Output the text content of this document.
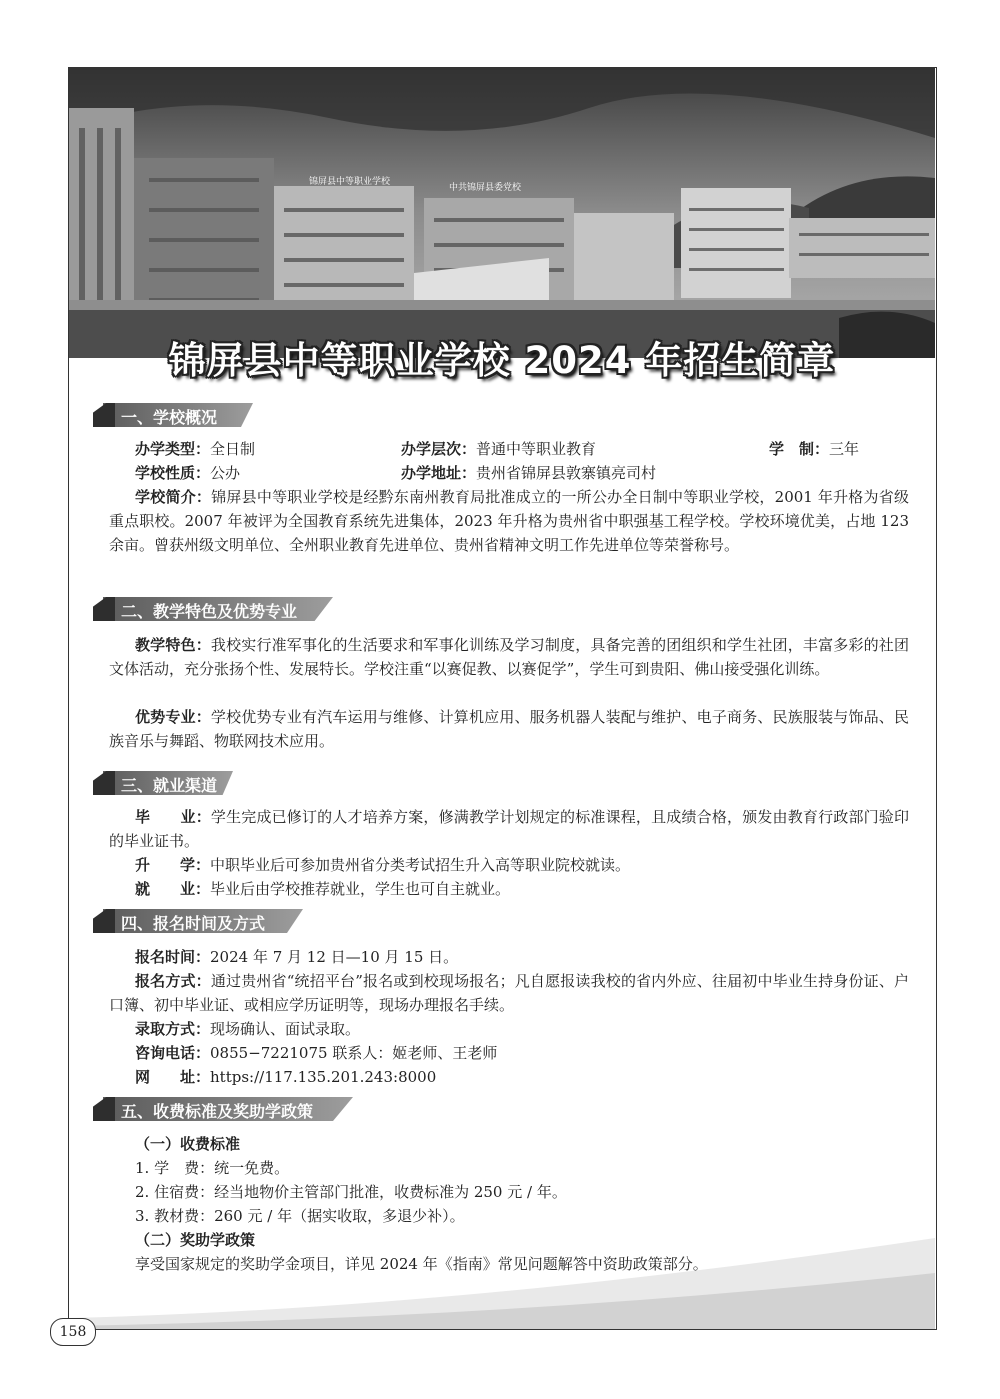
锦屏县中等职业学校
中共锦屏县委党校
锦屏县中等职业学校 2024 年招生简章
一、学校概况
办学类型：全日制	办学层次：普通中等职业教育	学　制：三年
学校性质：公办	办学地址：贵州省锦屏县敦寨镇亮司村
学校简介：锦屏县中等职业学校是经黔东南州教育局批准成立的一所公办全日制中等职业学校，2001 年升格为省级重点职校。2007 年被评为全国教育系统先进集体，2023 年升格为贵州省中职强基工程学校。学校环境优美，占地 123 余亩。曾获州级文明单位、全州职业教育先进单位、贵州省精神文明工作先进单位等荣誉称号。
二、教学特色及优势专业
教学特色：我校实行准军事化的生活要求和军事化训练及学习制度，具备完善的团组织和学生社团，丰富多彩的社团文体活动，充分张扬个性、发展特长。学校注重“以赛促教、以赛促学”，学生可到贵阳、佛山接受强化训练。
优势专业：学校优势专业有汽车运用与维修、计算机应用、服务机器人装配与维护、电子商务、民族服装与饰品、民族音乐与舞蹈、物联网技术应用。
三、就业渠道
毕　　业：学生完成已修订的人才培养方案，修满教学计划规定的标准课程，且成绩合格，颁发由教育行政部门验印的毕业证书。
升　　学：中职毕业后可参加贵州省分类考试招生升入高等职业院校就读。
就　　业：毕业后由学校推荐就业，学生也可自主就业。
四、报名时间及方式
报名时间：2024 年 7 月 12 日—10 月 15 日。
报名方式：通过贵州省“统招平台”报名或到校现场报名；凡自愿报读我校的省内外应、往届初中毕业生持身份证、户口簿、初中毕业证、或相应学历证明等，现场办理报名手续。
录取方式：现场确认、面试录取。
咨询电话：0855−7221075 联系人：姬老师、王老师
网　　址：https://117.135.201.243:8000
五、收费标准及奖助学政策
（一）收费标准
1. 学　费：统一免费。
2. 住宿费：经当地物价主管部门批准，收费标准为 250 元 / 年。
3. 教材费：260 元 / 年（据实收取，多退少补）。
（二）奖助学政策
享受国家规定的奖助学金项目，详见 2024 年《指南》常见问题解答中资助政策部分。
158
